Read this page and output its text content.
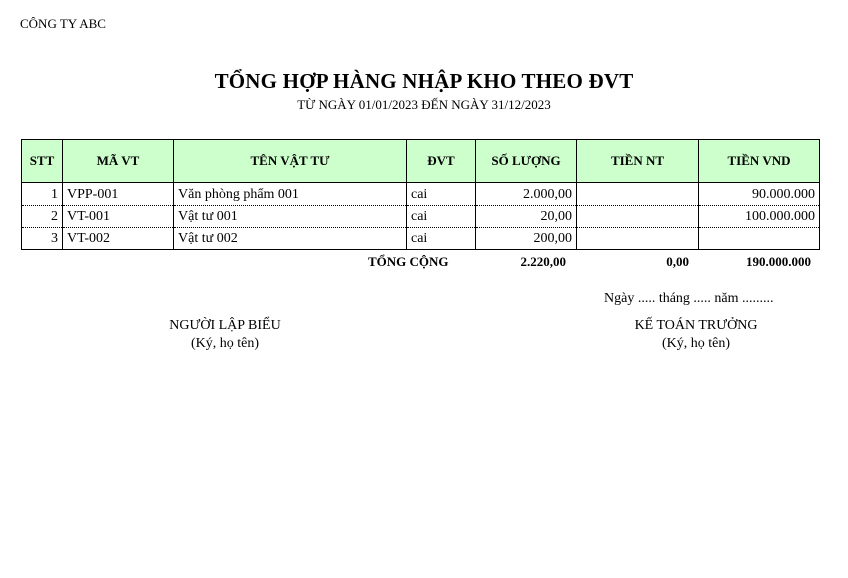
CÔNG TY ABC
TỔNG HỢP HÀNG NHẬP KHO THEO ĐVT
TỪ NGÀY 01/01/2023 ĐẾN NGÀY 31/12/2023
STT	MÃ VT	TÊN VẬT TƯ	ĐVT	SỐ LƯỢNG	TIỀN NT	TIỀN VND
1	VPP-001	Văn phòng phẩm 001	cai	2.000,00		90.000.000
2	VT-001	Vật tư 001	cai	20,00		100.000.000
3	VT-002	Vật tư 002	cai	200,00		
TỔNG CỘNG	2.220,00	0,00	190.000.000
Ngày ..... tháng ..... năm .........
NGƯỜI LẬP BIỂU
(Ký, họ tên)
KẾ TOÁN TRƯỞNG
(Ký, họ tên)
